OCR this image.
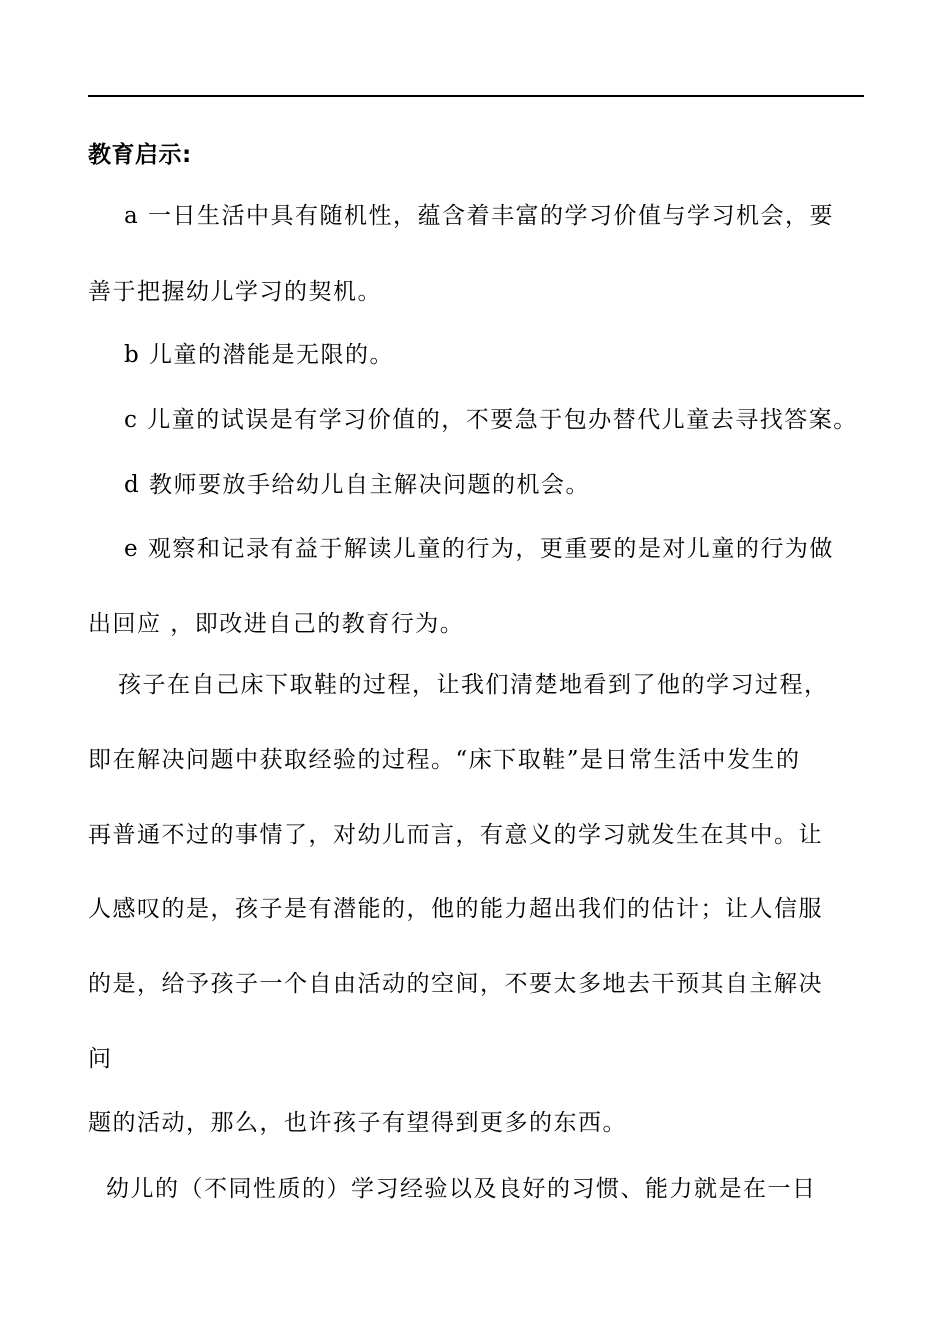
教育启示:
a 一日生活中具有随机性，蕴含着丰富的学习价值与学习机会，要
善于把握幼儿学习的契机。
b 儿童的潜能是无限的。
c 儿童的试误是有学习价值的，不要急于包办替代儿童去寻找答案。
d 教师要放手给幼儿自主解决问题的机会。
e 观察和记录有益于解读儿童的行为，更重要的是对儿童的行为做
出回应 ，即改进自己的教育行为。
孩子在自己床下取鞋的过程，让我们清楚地看到了他的学习过程，
即在解决问题中获取经验的过程。“床下取鞋”是日常生活中发生的
再普通不过的事情了，对幼儿而言，有意义的学习就发生在其中。让
人感叹的是，孩子是有潜能的，他的能力超出我们的估计；让人信服
的是，给予孩子一个自由活动的空间，不要太多地去干预其自主解决
问
题的活动，那么，也许孩子有望得到更多的东西。
幼儿的（不同性质的）学习经验以及良好的习惯、能力就是在一日
